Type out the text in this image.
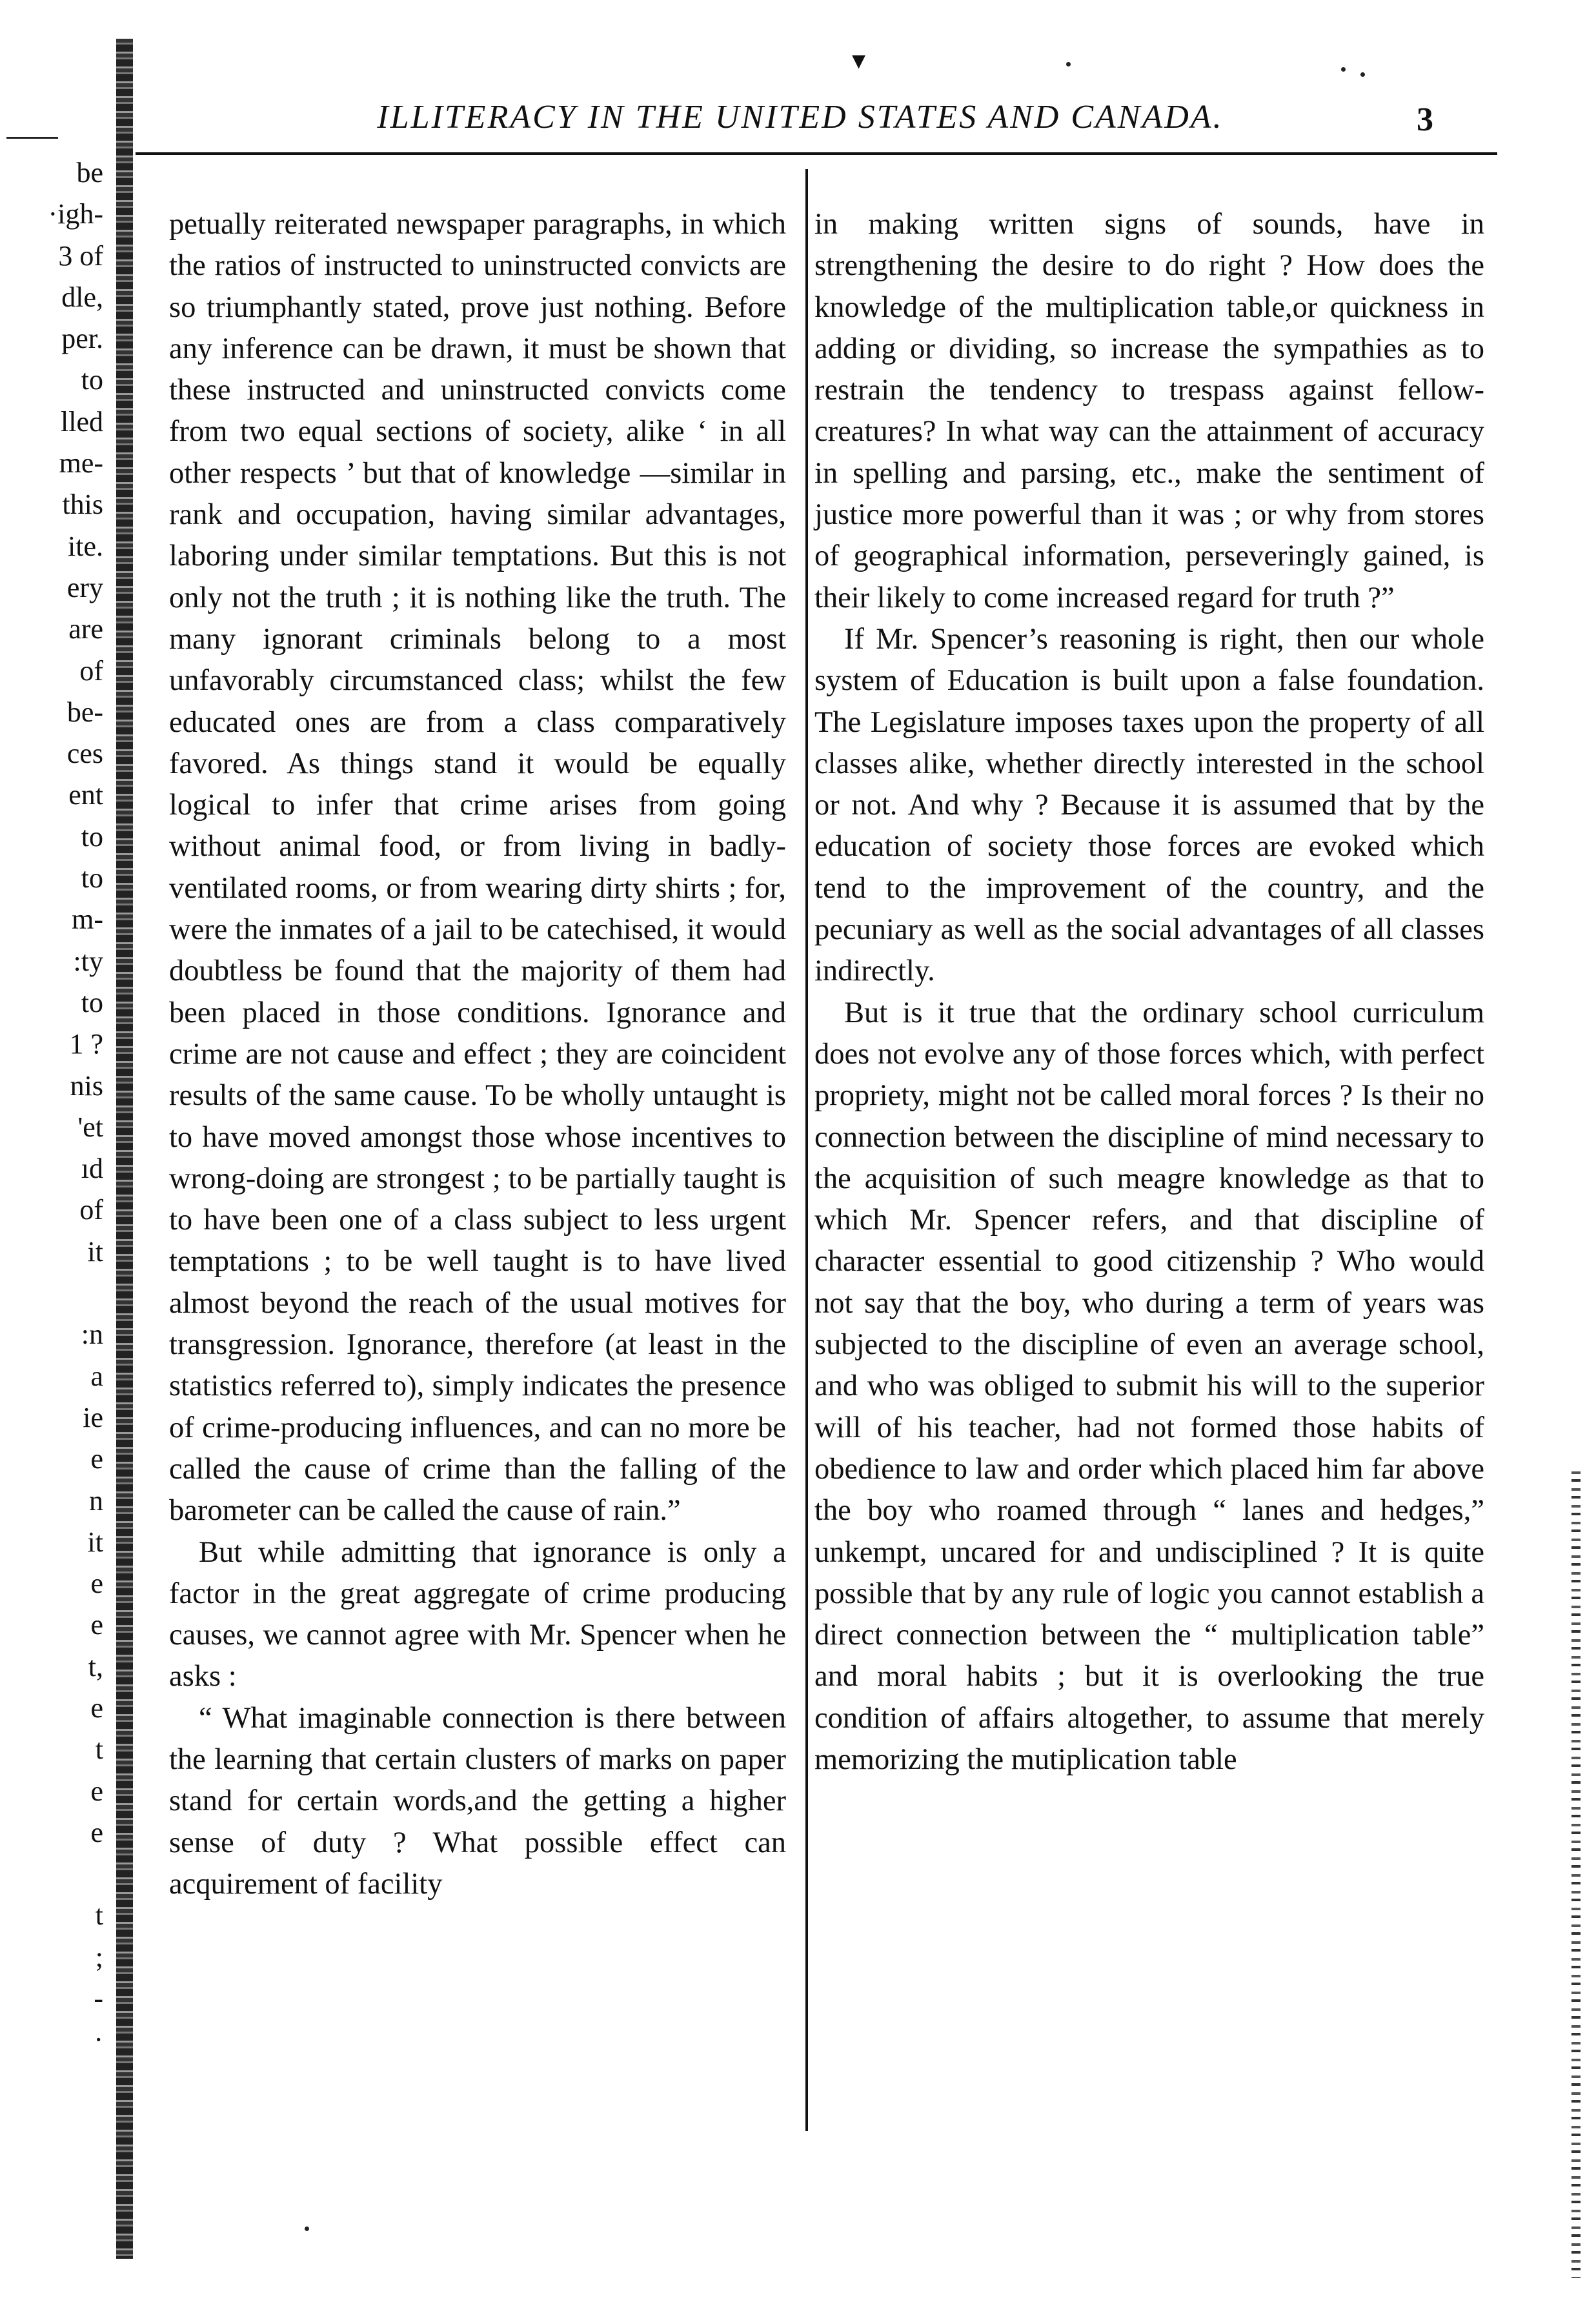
be
·igh-
3 of
dle,
per.
to
lled
me-
this
ite.
ery
are
of
be-
ces
ent
to
to
m-
:ty
to
1 ?
nis
'et
ıd
of
it
:n
a
ie
e
n
it
e
e
t,
e
t
e
e
t
;
-
·
▾
ILLITERACY IN THE UNITED STATES AND CANADA.	3

petually reiterated newspaper paragraphs, in which the ratios of instructed to uninstructed convicts are so triumphantly stated, prove just nothing. Before any inference can be drawn, it must be shown that these instructed and uninstructed convicts come from two equal sections of society, alike ‘ in all other respects ’ but that of knowledge —similar in rank and occupation, having similar advantages, laboring under similar temptations. But this is not only not the truth ; it is nothing like the truth. The many ignorant criminals belong to a most unfavorably circumstanced class; whilst the few educated ones are from a class comparatively favored. As things stand it would be equally logical to infer that crime arises from going without animal food, or from living in badly-ventilated rooms, or from wearing dirty shirts ; for, were the inmates of a jail to be catechised, it would doubtless be found that the majority of them had been placed in those conditions. Ignorance and crime are not cause and effect ; they are coincident results of the same cause. To be wholly untaught is to have moved amongst those whose incentives to wrong-doing are strongest ; to be partially taught is to have been one of a class subject to less urgent temptations ; to be well taught is to have lived almost beyond the reach of the usual motives for transgression. Ignorance, therefore (at least in the statistics referred to), simply indicates the presence of crime-producing influences, and can no more be called the cause of crime than the falling of the barometer can be called the cause of rain.”

But while admitting that ignorance is only a factor in the great aggregate of crime producing causes, we cannot agree with Mr. Spencer when he asks :

“ What imaginable connection is there between the learning that certain clusters of marks on paper stand for certain words,and the getting a higher sense of duty ? What possible effect can acquirement of facility

in making written signs of sounds, have in strengthening the desire to do right ? How does the knowledge of the multiplication table,or quickness in adding or dividing, so increase the sympathies as to restrain the tendency to trespass against fellow-creatures? In what way can the attainment of accuracy in spelling and parsing, etc., make the sentiment of justice more powerful than it was ; or why from stores of geographical information, perseveringly gained, is their likely to come increased regard for truth ?”

If Mr. Spencer’s reasoning is right, then our whole system of Education is built upon a false foundation. The Legislature imposes taxes upon the property of all classes alike, whether directly interested in the school or not. And why ? Because it is assumed that by the education of society those forces are evoked which tend to the improvement of the country, and the pecuniary as well as the social advantages of all classes indirectly.

But is it true that the ordinary school curriculum does not evolve any of those forces which, with perfect propriety, might not be called moral forces ? Is their no connection between the discipline of mind necessary to the acquisition of such meagre knowledge as that to which Mr. Spencer refers, and that discipline of character essential to good citizenship ? Who would not say that the boy, who during a term of years was subjected to the discipline of even an average school, and who was obliged to submit his will to the superior will of his teacher, had not formed those habits of obedience to law and order which placed him far above the boy who roamed through “ lanes and hedges,” unkempt, uncared for and undisciplined ? It is quite possible that by any rule of logic you cannot establish a direct connection between the “ multiplication table” and moral habits ; but it is overlooking the true condition of affairs altogether, to assume that merely memorizing the mutiplication table
